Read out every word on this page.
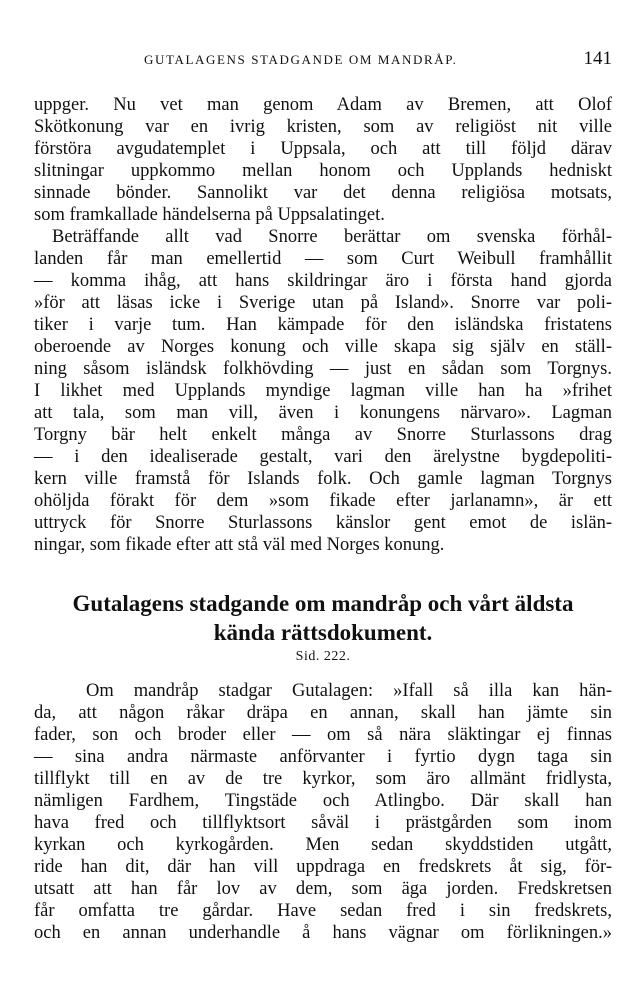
GUTALAGENS STADGANDE OM MANDRÅP.	141
uppger. Nu vet man genom Adam av Bremen, att Olof
Skötkonung var en ivrig kristen, som av religiöst nit ville
förstöra avgudatemplet i Uppsala, och att till följd därav
slitningar uppkommo mellan honom och Upplands hedniskt
sinnade bönder. Sannolikt var det denna religiösa motsats,
som framkallade händelserna på Uppsalatinget.
Beträffande allt vad Snorre berättar om svenska förhål-
landen får man emellertid — som Curt Weibull framhållit
— komma ihåg, att hans skildringar äro i första hand gjorda
»för att läsas icke i Sverige utan på Island». Snorre var poli-
tiker i varje tum. Han kämpade för den isländska fristatens
oberoende av Norges konung och ville skapa sig själv en ställ-
ning såsom isländsk folkhövding — just en sådan som Torgnys.
I likhet med Upplands myndige lagman ville han ha »frihet
att tala, som man vill, även i konungens närvaro». Lagman
Torgny bär helt enkelt många av Snorre Sturlassons drag
— i den idealiserade gestalt, vari den ärelystne bygdepoliti-
kern ville framstå för Islands folk. Och gamle lagman Torgnys
ohöljda förakt för dem »som fikade efter jarlanamn», är ett
uttryck för Snorre Sturlassons känslor gent emot de islän-
ningar, som fikade efter att stå väl med Norges konung.
Gutalagens stadgande om mandråp och vårt äldsta
kända rättsdokument.
Sid. 222.
Om mandråp stadgar Gutalagen: »Ifall så illa kan hän-
da, att någon råkar dräpa en annan, skall han jämte sin
fader, son och broder eller — om så nära släktingar ej finnas
— sina andra närmaste anförvanter i fyrtio dygn taga sin
tillflykt till en av de tre kyrkor, som äro allmänt fridlysta,
nämligen Fardhem, Tingstäde och Atlingbo. Där skall han
hava fred och tillflyktsort såväl i prästgården som inom
kyrkan och kyrkogården. Men sedan skyddstiden utgått,
ride han dit, där han vill uppdraga en fredskrets åt sig, för-
utsatt att han får lov av dem, som äga jorden. Fredskretsen
får omfatta tre gårdar. Have sedan fred i sin fredskrets,
och en annan underhandle å hans vägnar om förlikningen.»
